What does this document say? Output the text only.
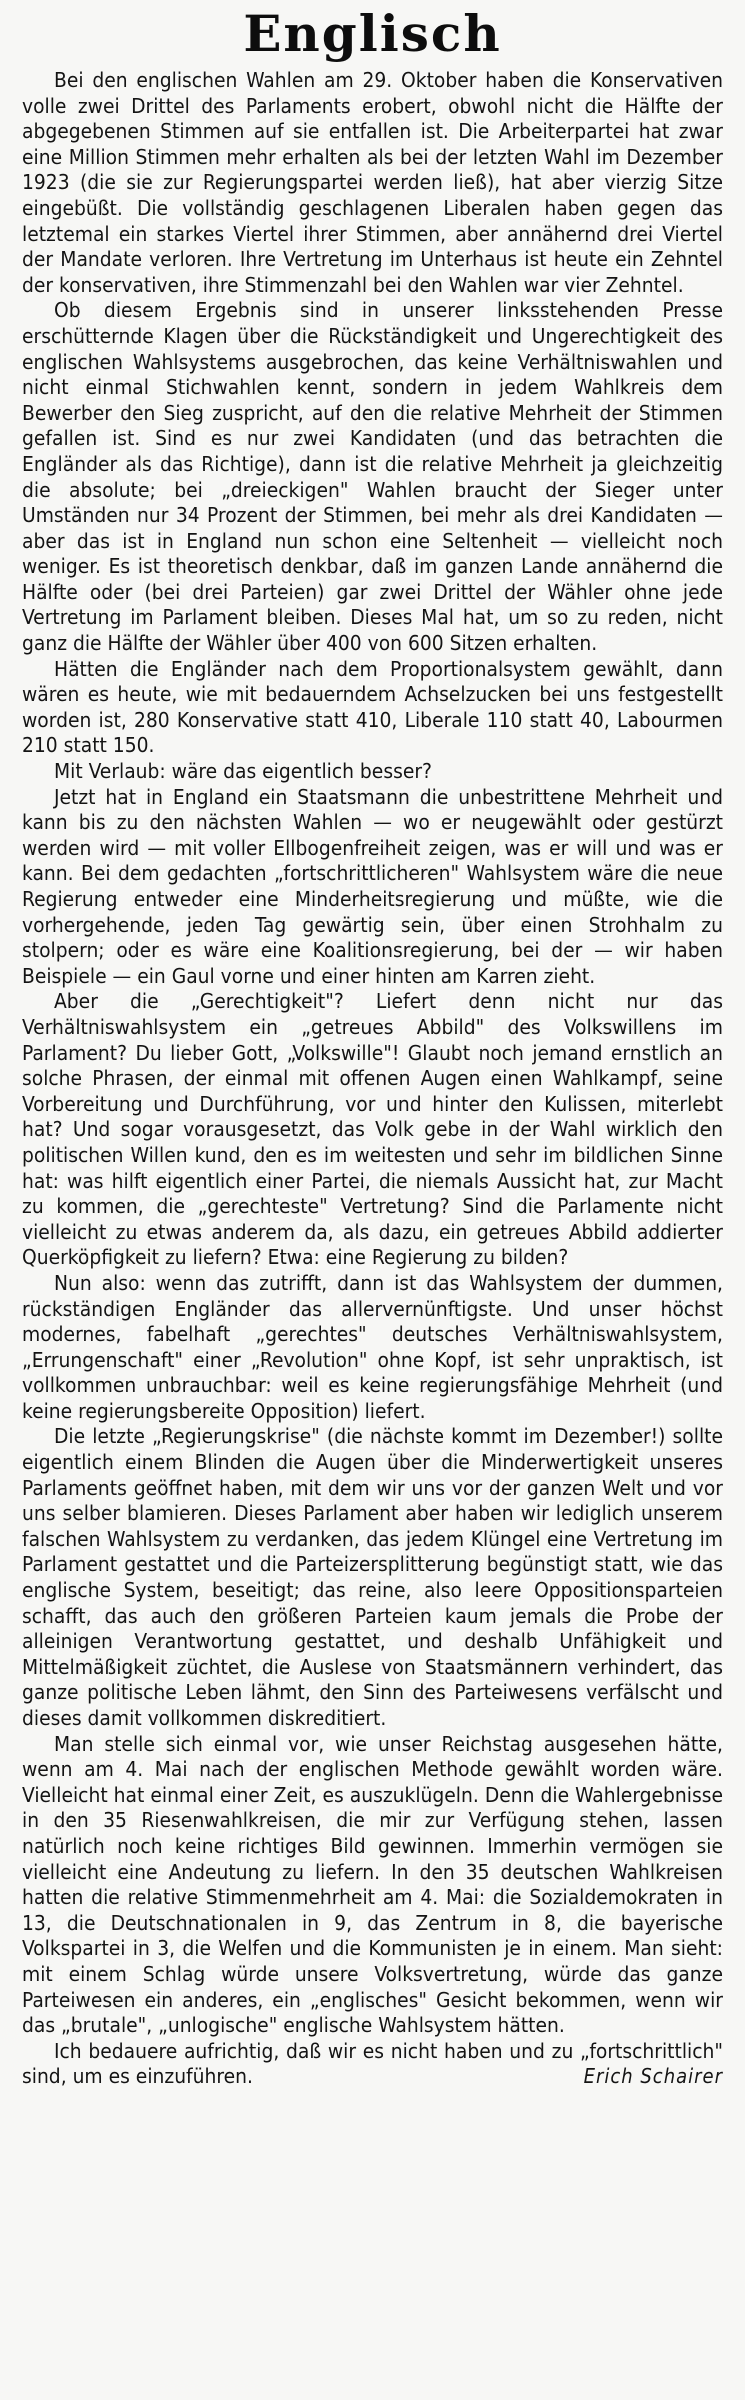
Englisch

Bei den englischen Wahlen am 29. Oktober haben die Konservativen volle zwei Drittel des Parlaments erobert, obwohl nicht die Hälfte der abgegebenen Stimmen auf sie entfallen ist. Die Arbeiterpartei hat zwar eine Million Stimmen mehr erhalten als bei der letzten Wahl im Dezember 1923 (die sie zur Regierungspartei werden ließ), hat aber vierzig Sitze eingebüßt. Die vollständig geschlagenen Liberalen haben gegen das letztemal ein starkes Viertel ihrer Stimmen, aber annähernd drei Viertel der Mandate verloren. Ihre Vertretung im Unterhaus ist heute ein Zehntel der konservativen, ihre Stimmenzahl bei den Wahlen war vier Zehntel.

Ob diesem Ergebnis sind in unserer linksstehenden Presse erschütternde Klagen über die Rückständigkeit und Ungerechtigkeit des englischen Wahlsystems ausgebrochen, das keine Verhältniswahlen und nicht einmal Stichwahlen kennt, sondern in jedem Wahlkreis dem Bewerber den Sieg zuspricht, auf den die relative Mehrheit der Stimmen gefallen ist. Sind es nur zwei Kandidaten (und das betrachten die Engländer als das Richtige), dann ist die relative Mehrheit ja gleichzeitig die absolute; bei „dreieckigen" Wahlen braucht der Sieger unter Umständen nur 34 Prozent der Stimmen, bei mehr als drei Kandidaten — aber das ist in England nun schon eine Seltenheit — vielleicht noch weniger. Es ist theoretisch denkbar, daß im ganzen Lande annähernd die Hälfte oder (bei drei Parteien) gar zwei Drittel der Wähler ohne jede Vertretung im Parlament bleiben. Dieses Mal hat, um so zu reden, nicht ganz die Hälfte der Wähler über 400 von 600 Sitzen erhalten.

Hätten die Engländer nach dem Proportionalsystem gewählt, dann wären es heute, wie mit bedauerndem Achselzucken bei uns festgestellt worden ist, 280 Konservative statt 410, Liberale 110 statt 40, Labourmen 210 statt 150.

Mit Verlaub: wäre das eigentlich besser?

Jetzt hat in England ein Staatsmann die unbestrittene Mehrheit und kann bis zu den nächsten Wahlen — wo er neugewählt oder gestürzt werden wird — mit voller Ellbogenfreiheit zeigen, was er will und was er kann. Bei dem gedachten „fortschrittlicheren" Wahlsystem wäre die neue Regierung entweder eine Minderheitsregierung und müßte, wie die vorhergehende, jeden Tag gewärtig sein, über einen Strohhalm zu stolpern; oder es wäre eine Koalitionsregierung, bei der — wir haben Beispiele — ein Gaul vorne und einer hinten am Karren zieht.

Aber die „Gerechtigkeit"? Liefert denn nicht nur das Verhältniswahlsystem ein „getreues Abbild" des Volkswillens im Parlament? Du lieber Gott, „Volkswille"! Glaubt noch jemand ernstlich an solche Phrasen, der einmal mit offenen Augen einen Wahlkampf, seine Vorbereitung und Durchführung, vor und hinter den Kulissen, miterlebt hat? Und sogar vorausgesetzt, das Volk gebe in der Wahl wirklich den politischen Willen kund, den es im weitesten und sehr im bildlichen Sinne hat: was hilft eigentlich einer Partei, die niemals Aussicht hat, zur Macht zu kommen, die „gerechteste" Vertretung? Sind die Parlamente nicht vielleicht zu etwas anderem da, als dazu, ein getreues Abbild addierter Querköpfigkeit zu liefern? Etwa: eine Regierung zu bilden?

Nun also: wenn das zutrifft, dann ist das Wahlsystem der dummen, rückständigen Engländer das allervernünftigste. Und unser höchst modernes, fabelhaft „gerechtes" deutsches Verhältniswahlsystem, „Errungenschaft" einer „Revolution" ohne Kopf, ist sehr unpraktisch, ist vollkommen unbrauchbar: weil es keine regierungsfähige Mehrheit (und keine regierungsbereite Opposition) liefert.

Die letzte „Regierungskrise" (die nächste kommt im Dezember!) sollte eigentlich einem Blinden die Augen über die Minderwertigkeit unseres Parlaments geöffnet haben, mit dem wir uns vor der ganzen Welt und vor uns selber blamieren. Dieses Parlament aber haben wir lediglich unserem falschen Wahlsystem zu verdanken, das jedem Klüngel eine Vertretung im Parlament gestattet und die Parteizersplitterung begünstigt statt, wie das englische System, beseitigt; das reine, also leere Oppositionsparteien schafft, das auch den größeren Parteien kaum jemals die Probe der alleinigen Verantwortung gestattet, und deshalb Unfähigkeit und Mittelmäßigkeit züchtet, die Auslese von Staatsmännern verhindert, das ganze politische Leben lähmt, den Sinn des Parteiwesens verfälscht und dieses damit vollkommen diskreditiert.

Man stelle sich einmal vor, wie unser Reichstag ausgesehen hätte, wenn am 4. Mai nach der englischen Methode gewählt worden wäre. Vielleicht hat einmal einer Zeit, es auszuklügeln. Denn die Wahlergebnisse in den 35 Riesenwahlkreisen, die mir zur Verfügung stehen, lassen natürlich noch keine richtiges Bild gewinnen. Immerhin vermögen sie vielleicht eine Andeutung zu liefern. In den 35 deutschen Wahlkreisen hatten die relative Stimmenmehrheit am 4. Mai: die Sozialdemokraten in 13, die Deutschnationalen in 9, das Zentrum in 8, die bayerische Volkspartei in 3, die Welfen und die Kommunisten je in einem. Man sieht: mit einem Schlag würde unsere Volksvertretung, würde das ganze Parteiwesen ein anderes, ein „englisches" Gesicht bekommen, wenn wir das „brutale", „unlogische" englische Wahlsystem hätten.

Ich bedauere aufrichtig, daß wir es nicht haben und zu „fortschrittlich" sind, um es einzuführen.	Erich Schairer
